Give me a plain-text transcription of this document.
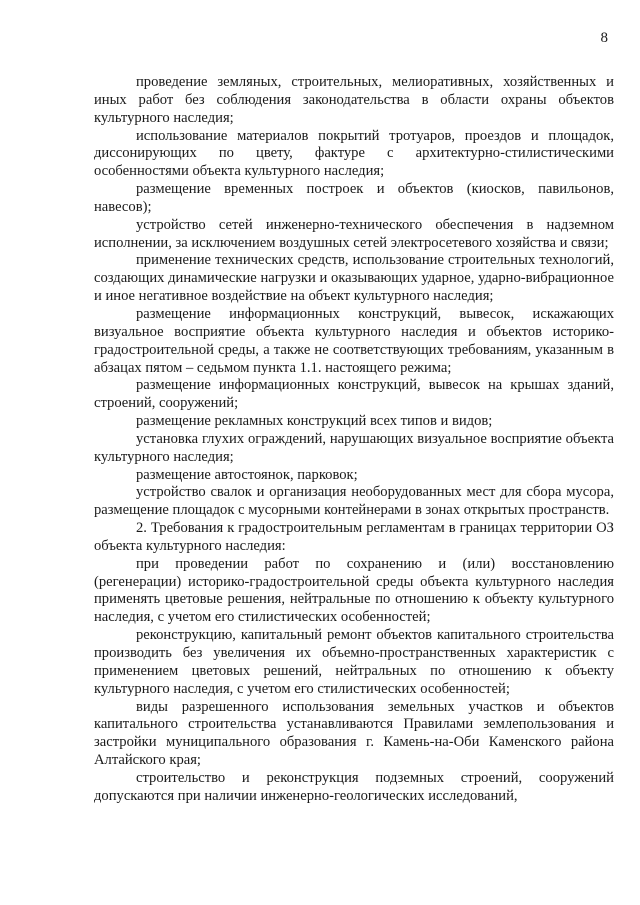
8

проведение земляных, строительных, мелиоративных, хозяйственных и иных работ без соблюдения законодательства в области охраны объектов культурного наследия;

использование материалов покрытий тротуаров, проездов и площадок, диссонирующих по цвету, фактуре с архитектурно-стилистическими особенностями объекта культурного наследия;

размещение временных построек и объектов (киосков, павильонов, навесов);

устройство сетей инженерно-технического обеспечения в надземном исполнении, за исключением воздушных сетей электросетевого хозяйства и связи;

применение технических средств, использование строительных технологий, создающих динамические нагрузки и оказывающих ударное, ударно-вибрационное и иное негативное воздействие на объект культурного наследия;

размещение информационных конструкций, вывесок, искажающих визуальное восприятие объекта культурного наследия и объектов историко-градостроительной среды, а также не соответствующих требованиям, указанным в абзацах пятом – седьмом пункта 1.1. настоящего режима;

размещение информационных конструкций, вывесок на крышах зданий, строений, сооружений;

размещение рекламных конструкций всех типов и видов;

установка глухих ограждений, нарушающих визуальное восприятие объекта культурного наследия;

размещение автостоянок, парковок;

устройство свалок и организация необорудованных мест для сбора мусора, размещение площадок с мусорными контейнерами в зонах открытых пространств.

2. Требования к градостроительным регламентам в границах территории ОЗ объекта культурного наследия:

при проведении работ по сохранению и (или) восстановлению (регенерации) историко-градостроительной среды объекта культурного наследия применять цветовые решения, нейтральные по отношению к объекту культурного наследия, с учетом его стилистических особенностей;

реконструкцию, капитальный ремонт объектов капитального строительства производить без увеличения их объемно-пространственных характеристик с применением цветовых решений, нейтральных по отношению к объекту культурного наследия, с учетом его стилистических особенностей;

виды разрешенного использования земельных участков и объектов капитального строительства устанавливаются Правилами землепользования и застройки муниципального образования г. Камень-на-Оби Каменского района Алтайского края;

строительство и реконструкция подземных строений, сооружений допускаются при наличии инженерно-геологических исследований,
